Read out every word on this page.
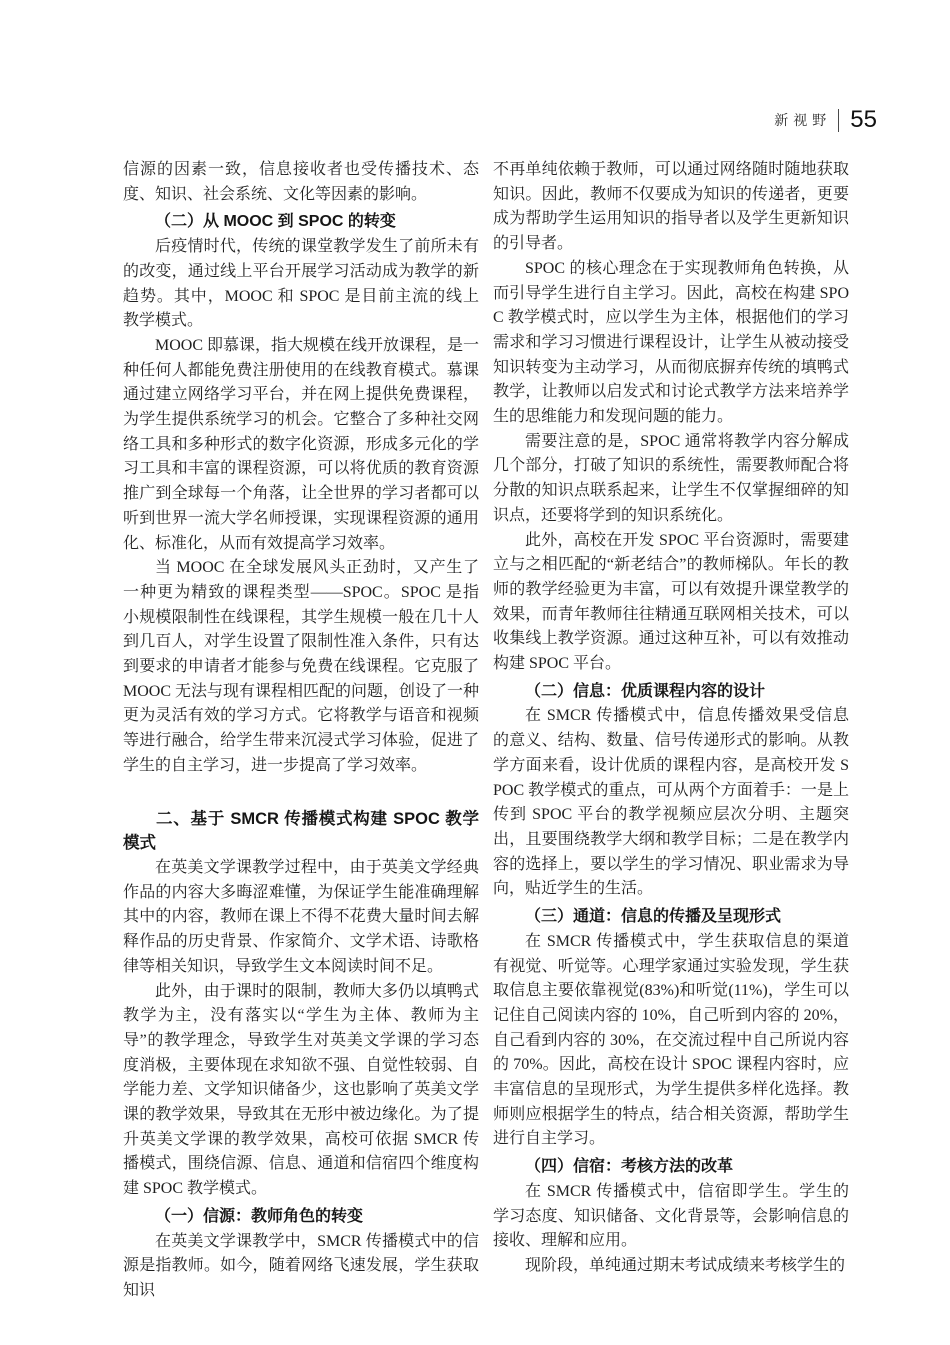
新视野 55

信源的因素一致，信息接收者也受传播技术、态度、知识、社会系统、文化等因素的影响。

（二）从 MOOC 到 SPOC 的转变

后疫情时代，传统的课堂教学发生了前所未有的改变，通过线上平台开展学习活动成为教学的新趋势。其中，MOOC 和 SPOC 是目前主流的线上教学模式。

MOOC 即慕课，指大规模在线开放课程，是一种任何人都能免费注册使用的在线教育模式。慕课通过建立网络学习平台，并在网上提供免费课程，为学生提供系统学习的机会。它整合了多种社交网络工具和多种形式的数字化资源，形成多元化的学习工具和丰富的课程资源，可以将优质的教育资源推广到全球每一个角落，让全世界的学习者都可以听到世界一流大学名师授课，实现课程资源的通用化、标准化，从而有效提高学习效率。

当 MOOC 在全球发展风头正劲时，又产生了一种更为精致的课程类型——SPOC。SPOC 是指小规模限制性在线课程，其学生规模一般在几十人到几百人，对学生设置了限制性准入条件，只有达到要求的申请者才能参与免费在线课程。它克服了 MOOC 无法与现有课程相匹配的问题，创设了一种更为灵活有效的学习方式。它将教学与语音和视频等进行融合，给学生带来沉浸式学习体验，促进了学生的自主学习，进一步提高了学习效率。

二、基于 SMCR 传播模式构建 SPOC 教学模式

在英美文学课教学过程中，由于英美文学经典作品的内容大多晦涩难懂，为保证学生能准确理解其中的内容，教师在课上不得不花费大量时间去解释作品的历史背景、作家简介、文学术语、诗歌格律等相关知识，导致学生文本阅读时间不足。

此外，由于课时的限制，教师大多仍以填鸭式教学为主，没有落实以“学生为主体、教师为主导”的教学理念，导致学生对英美文学课的学习态度消极，主要体现在求知欲不强、自觉性较弱、自学能力差、文学知识储备少，这也影响了英美文学课的教学效果，导致其在无形中被边缘化。为了提升英美文学课的教学效果，高校可依据 SMCR 传播模式，围绕信源、信息、通道和信宿四个维度构建 SPOC 教学模式。

（一）信源：教师角色的转变

在英美文学课教学中，SMCR 传播模式中的信源是指教师。如今，随着网络飞速发展，学生获取知识

不再单纯依赖于教师，可以通过网络随时随地获取知识。因此，教师不仅要成为知识的传递者，更要成为帮助学生运用知识的指导者以及学生更新知识的引导者。

SPOC 的核心理念在于实现教师角色转换，从而引导学生进行自主学习。因此，高校在构建 SPOC 教学模式时，应以学生为主体，根据他们的学习需求和学习习惯进行课程设计，让学生从被动接受知识转变为主动学习，从而彻底摒弃传统的填鸭式教学，让教师以启发式和讨论式教学方法来培养学生的思维能力和发现问题的能力。

需要注意的是，SPOC 通常将教学内容分解成几个部分，打破了知识的系统性，需要教师配合将分散的知识点联系起来，让学生不仅掌握细碎的知识点，还要将学到的知识系统化。

此外，高校在开发 SPOC 平台资源时，需要建立与之相匹配的“新老结合”的教师梯队。年长的教师的教学经验更为丰富，可以有效提升课堂教学的效果，而青年教师往往精通互联网相关技术，可以收集线上教学资源。通过这种互补，可以有效推动构建 SPOC 平台。

（二）信息：优质课程内容的设计

在 SMCR 传播模式中，信息传播效果受信息的意义、结构、数量、信号传递形式的影响。从教学方面来看，设计优质的课程内容，是高校开发 SPOC 教学模式的重点，可从两个方面着手：一是上传到 SPOC 平台的教学视频应层次分明、主题突出，且要围绕教学大纲和教学目标；二是在教学内容的选择上，要以学生的学习情况、职业需求为导向，贴近学生的生活。

（三）通道：信息的传播及呈现形式

在 SMCR 传播模式中，学生获取信息的渠道有视觉、听觉等。心理学家通过实验发现，学生获取信息主要依靠视觉(83%)和听觉(11%)，学生可以记住自己阅读内容的 10%，自己听到内容的 20%，自己看到内容的 30%，在交流过程中自己所说内容的 70%。因此，高校在设计 SPOC 课程内容时，应丰富信息的呈现形式，为学生提供多样化选择。教师则应根据学生的特点，结合相关资源，帮助学生进行自主学习。

（四）信宿：考核方法的改革

在 SMCR 传播模式中，信宿即学生。学生的学习态度、知识储备、文化背景等，会影响信息的接收、理解和应用。

现阶段，单纯通过期末考试成绩来考核学生的
